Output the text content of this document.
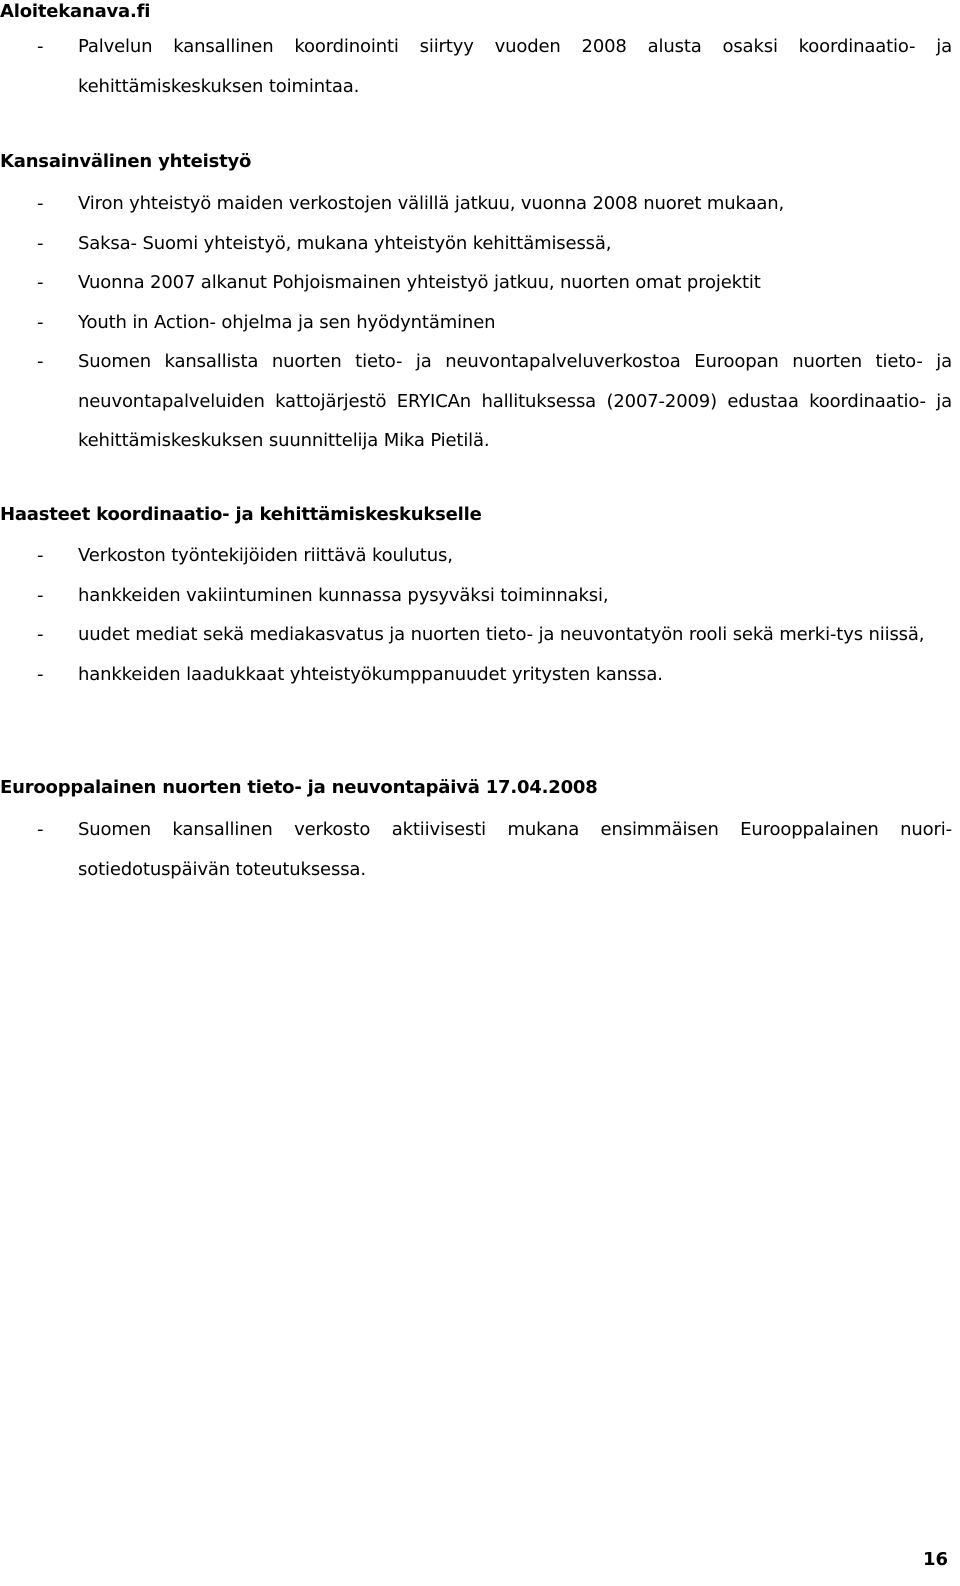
Aloitekanava.fi
-	Palvelun kansallinen koordinointi siirtyy vuoden 2008 alusta osaksi koordinaatio- ja kehittämiskeskuksen toimintaa.
Kansainvälinen yhteistyö
-	Viron yhteistyö maiden verkostojen välillä jatkuu, vuonna 2008 nuoret mukaan,
-	Saksa- Suomi yhteistyö, mukana yhteistyön kehittämisessä,
-	Vuonna 2007 alkanut Pohjoismainen yhteistyö jatkuu, nuorten omat projektit
-	Youth in Action- ohjelma ja sen hyödyntäminen
-	Suomen kansallista nuorten tieto- ja neuvontapalveluverkostoa Euroopan nuorten tieto- ja neuvontapalveluiden kattojärjestö ERYICAn hallituksessa (2007-2009) edustaa koordinaatio- ja kehittämiskeskuksen suunnittelija Mika Pietilä.
Haasteet koordinaatio- ja kehittämiskeskukselle
-	Verkoston työntekijöiden riittävä koulutus,
-	hankkeiden vakiintuminen kunnassa pysyväksi toiminnaksi,
-	uudet mediat sekä mediakasvatus ja nuorten tieto- ja neuvontatyön rooli sekä merki-tys niissä,
-	hankkeiden laadukkaat yhteistyökumppanuudet yritysten kanssa.
Eurooppalainen nuorten tieto- ja neuvontapäivä 17.04.2008
-	Suomen kansallinen verkosto aktiivisesti mukana ensimmäisen Eurooppalainen nuori-sotiedotuspäivän toteutuksessa.
16
